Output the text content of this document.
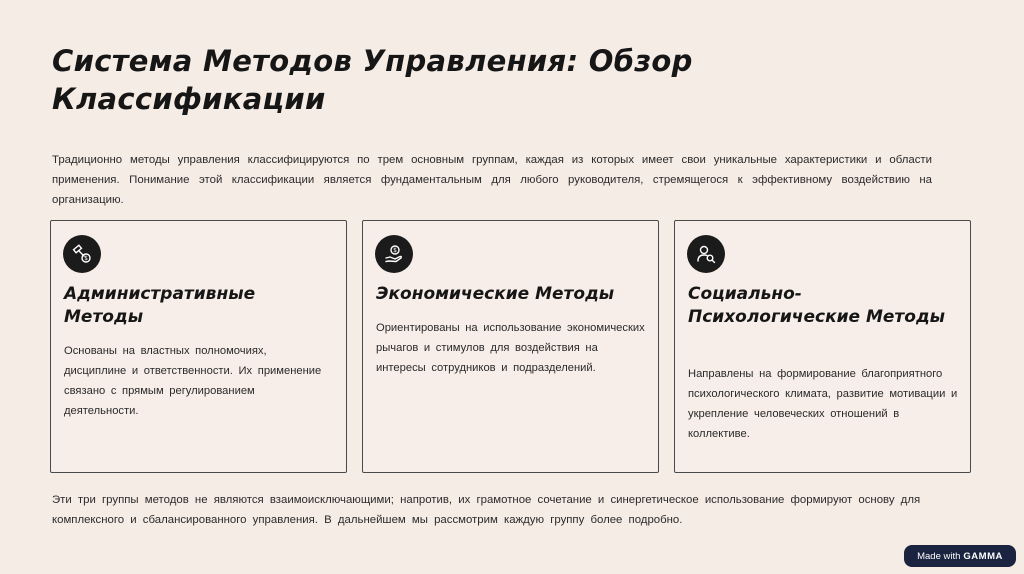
Система Методов Управления: Обзор Классификации

Традиционно методы управления классифицируются по трем основным группам, каждая из которых имеет свои уникальные характеристики и области применения. Понимание этой классификации является фундаментальным для любого руководителя, стремящегося к эффективному воздействию на организацию.

$
Административные Методы

Основаны на властных полномочиях, дисциплине и ответственности. Их применение связано с прямым регулированием деятельности.

$
Экономические Методы

Ориентированы на использование экономических рычагов и стимулов для воздействия на интересы сотрудников и подразделений.

Социально-Психологические Методы

Направлены на формирование благоприятного психологического климата, развитие мотивации и укрепление человеческих отношений в коллективе.

Эти три группы методов не являются взаимоисключающими; напротив, их грамотное сочетание и синергетическое использование формируют основу для комплексного и сбалансированного управления. В дальнейшем мы рассмотрим каждую группу более подробно.

Made with GAMMA
